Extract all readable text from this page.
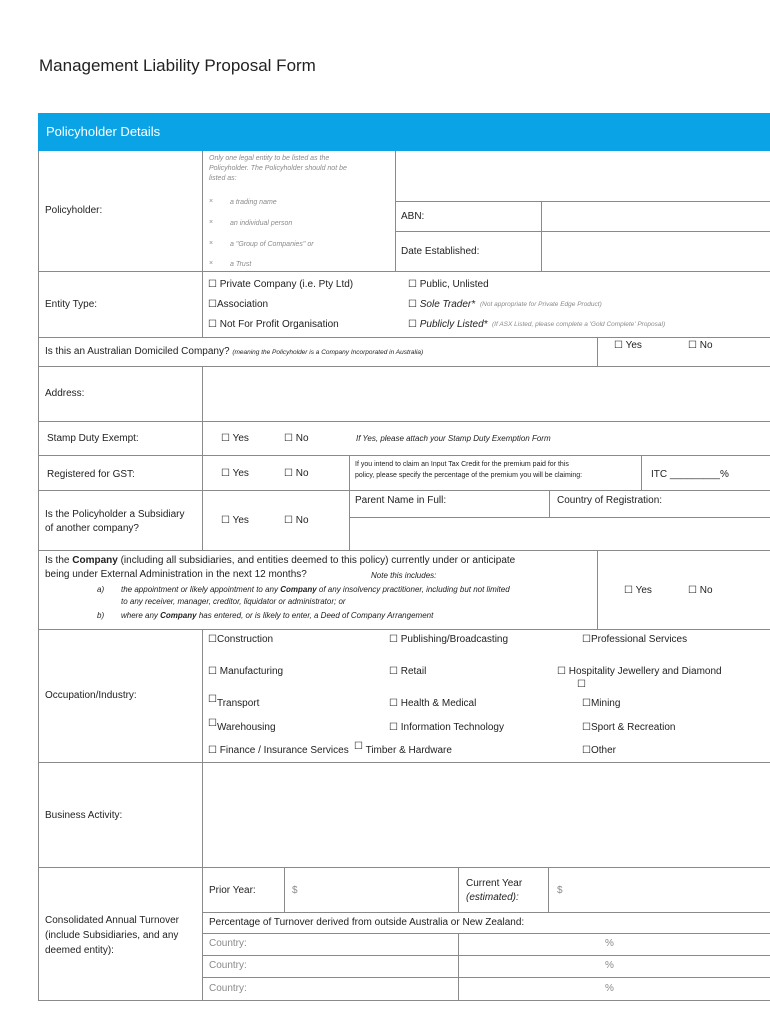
Management Liability Proposal Form
Policyholder Details
Policyholder:
Only one legal entity to be listed as the
Policyholder. The Policyholder should not be
listed as:
× a trading name
× an individual person
× a "Group of Companies" or
× a Trust
ABN:
Date Established:
Entity Type:
☐ Private Company (i.e. Pty Ltd)	☐ Public, Unlisted
☐Association	☐ Sole Trader* (Not appropriate for Private Edge Product)
☐ Not For Profit Organisation	☐ Publicly Listed* (If ASX Listed, please complete a 'Gold Complete' Proposal)
Is this an Australian Domiciled Company? (meaning the Policyholder is a Company Incorporated in Australia)
☐ Yes	☐ No
Address:
Stamp Duty Exempt:	☐ Yes	☐ No	If Yes, please attach your Stamp Duty Exemption Form
Registered for GST:	☐ Yes	☐ No
If you intend to claim an Input Tax Credit for the premium paid for this
policy, please specify the percentage of the premium you will be claiming:	ITC _________%
Is the Policyholder a Subsidiary
of another company?
☐ Yes	☐ No
Parent Name in Full:	Country of Registration:
Is the Company (including all subsidiaries, and entities deemed to this policy) currently under or anticipate
being under External Administration in the next 12 months?	Note this includes:
a) the appointment or likely appointment to any Company of any insolvency practitioner, including but not limited
to any receiver, manager, creditor, liquidator or administrator; or
b) where any Company has entered, or is likely to enter, a Deed of Company Arrangement
☐ Yes	☐ No
Occupation/Industry:
☐Construction	☐ Publishing/Broadcasting	☐Professional Services
☐ Manufacturing	☐ Retail	☐ Hospitality Jewellery and Diamond
☐
☐Transport	☐ Health & Medical	☐Mining
☐Warehousing	☐ Information Technology	☐Sport & Recreation
☐ Finance / Insurance Services ☐ Timber & Hardware	☐Other
Business Activity:
Consolidated Annual Turnover
(include Subsidiaries, and any
deemed entity):
Prior Year:	$
Current Year
(estimated):
$
Percentage of Turnover derived from outside Australia or New Zealand:
Country:	%
Country:	%
Country:	%
